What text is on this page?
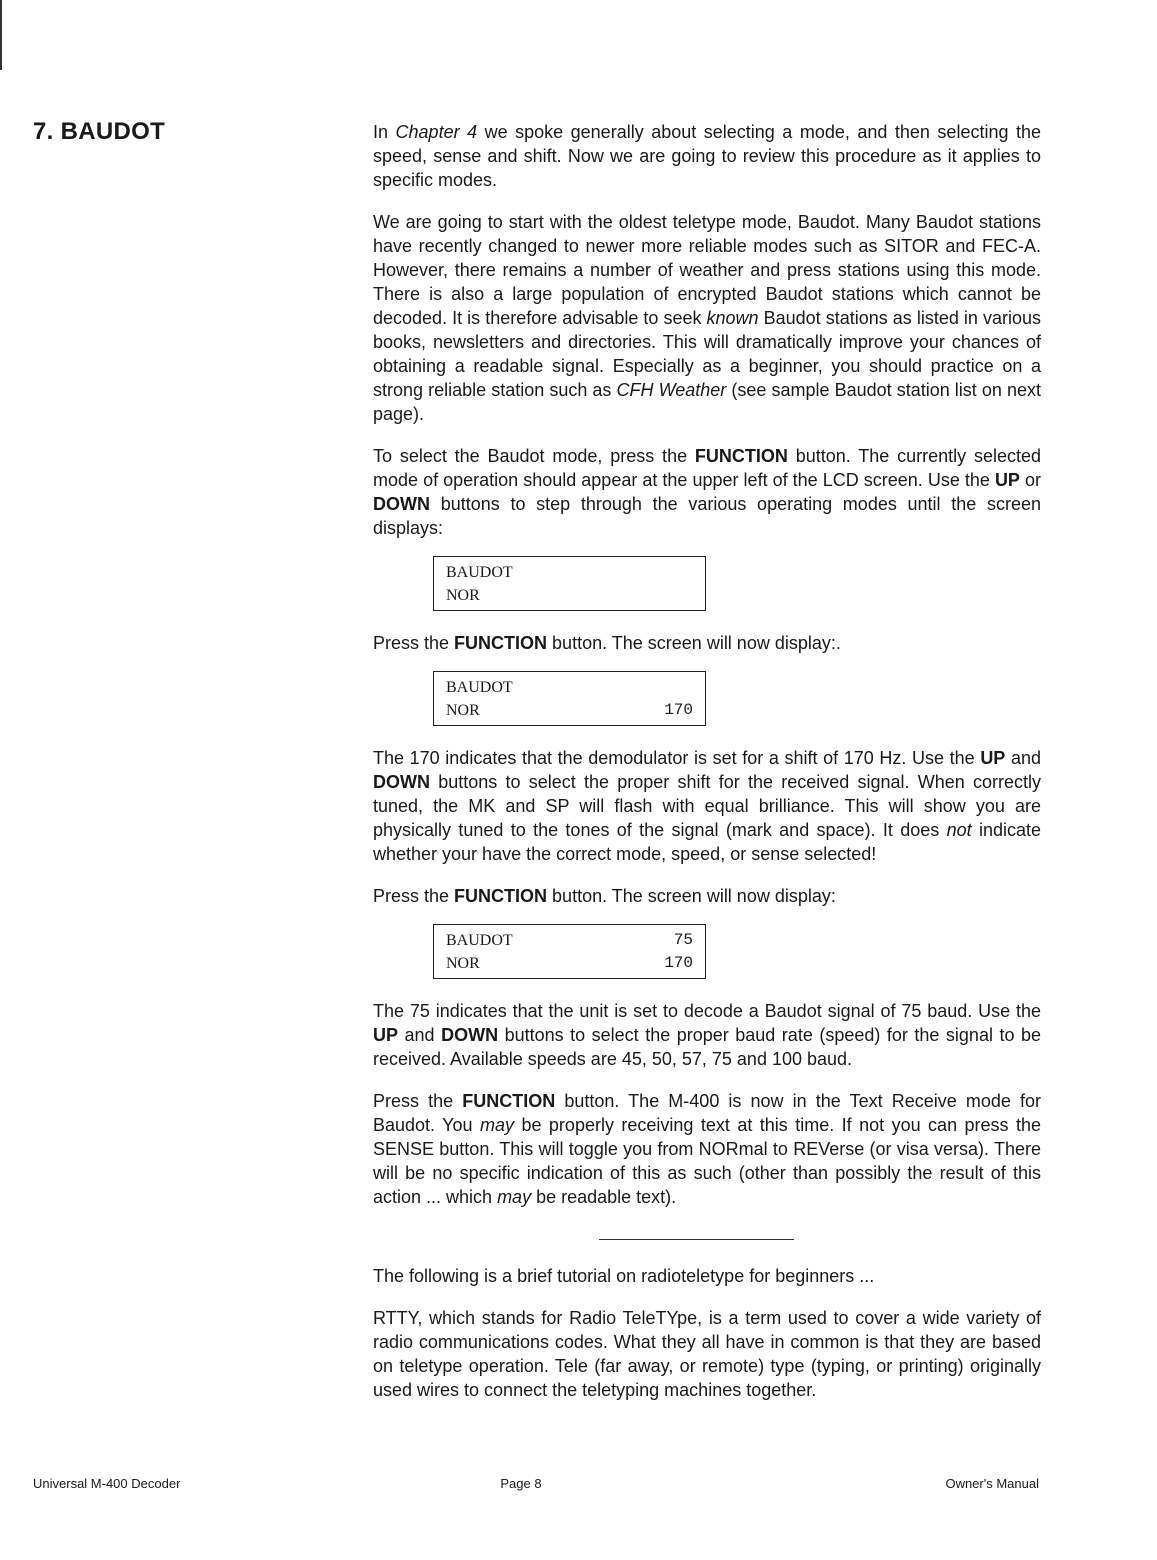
7. BAUDOT	In Chapter 4 we spoke generally about selecting a mode, and then selecting the speed, sense and shift. Now we are going to review this procedure as it applies to specific modes.

We are going to start with the oldest teletype mode, Baudot. Many Baudot stations have recently changed to newer more reliable modes such as SITOR and FEC-A. However, there remains a number of weather and press stations using this mode. There is also a large population of encrypted Baudot stations which cannot be decoded. It is therefore advisable to seek known Baudot stations as listed in various books, newsletters and directories. This will dramatically improve your chances of obtaining a readable signal. Especially as a beginner, you should practice on a strong reliable station such as CFH Weather (see sample Baudot station list on next page).

To select the Baudot mode, press the FUNCTION button. The currently selected mode of operation should appear at the upper left of the LCD screen. Use the UP or DOWN buttons to step through the various operating modes until the screen displays:

BAUDOT
NOR

Press the FUNCTION button. The screen will now display:.

BAUDOT
NOR	170

The 170 indicates that the demodulator is set for a shift of 170 Hz. Use the UP and DOWN buttons to select the proper shift for the received signal. When correctly tuned, the MK and SP will flash with equal brilliance. This will show you are physically tuned to the tones of the signal (mark and space). It does not indicate whether your have the correct mode, speed, or sense selected!

Press the FUNCTION button. The screen will now display:

BAUDOT	75
NOR	170

The 75 indicates that the unit is set to decode a Baudot signal of 75 baud. Use the UP and DOWN buttons to select the proper baud rate (speed) for the signal to be received. Available speeds are 45, 50, 57, 75 and 100 baud.

Press the FUNCTION button. The M-400 is now in the Text Receive mode for Baudot. You may be properly receiving text at this time. If not you can press the SENSE button. This will toggle you from NORmal to REVerse (or visa versa). There will be no specific indication of this as such (other than possibly the result of this action ... which may be readable text).

The following is a brief tutorial on radioteletype for beginners ...

RTTY, which stands for Radio TeleTYpe, is a term used to cover a wide variety of radio communications codes. What they all have in common is that they are based on teletype operation. Tele (far away, or remote) type (typing, or printing) originally used wires to connect the teletyping machines together.

Universal M-400 Decoder	Page 8	Owner's Manual
